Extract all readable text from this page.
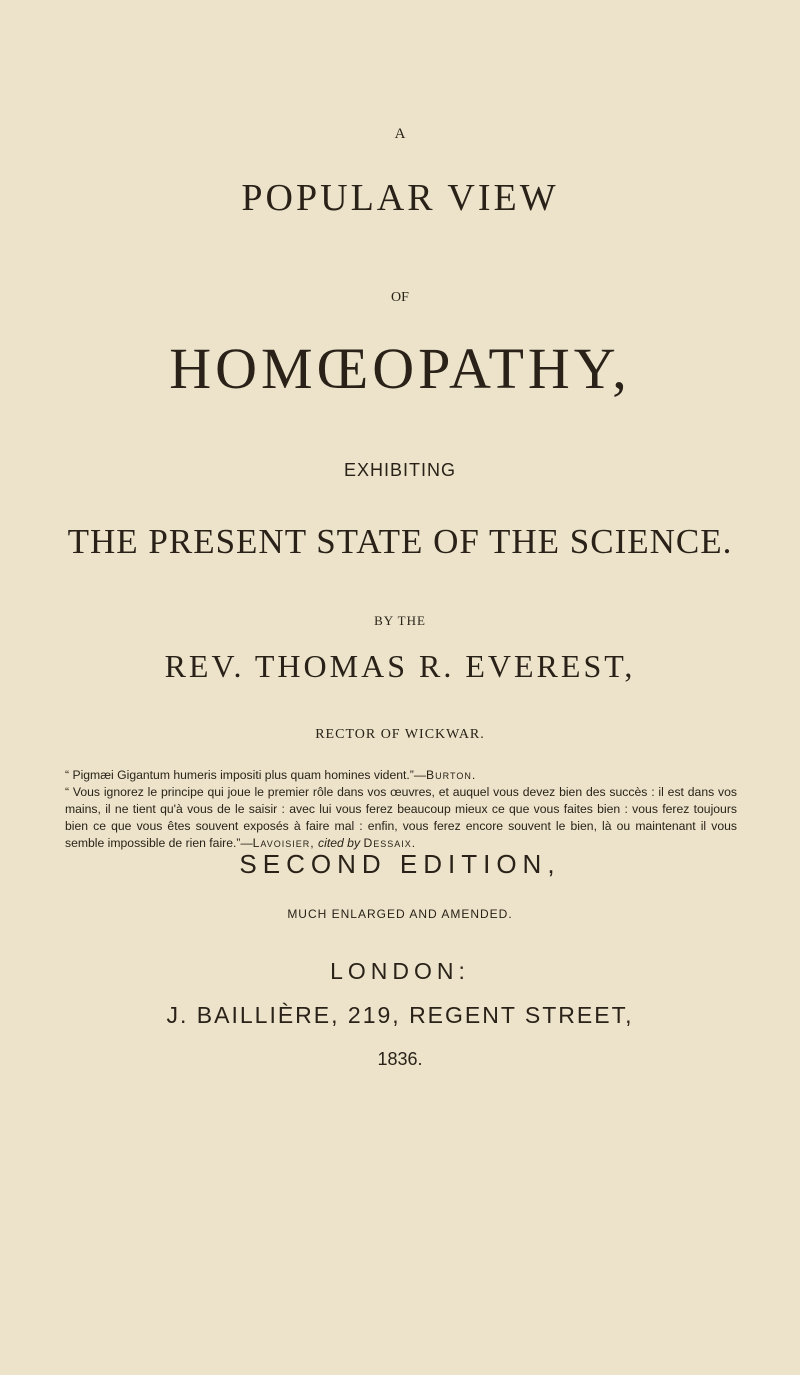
A

POPULAR VIEW

OF

HOMŒOPATHY,

EXHIBITING

THE PRESENT STATE OF THE SCIENCE.

BY THE

REV. THOMAS R. EVEREST,

RECTOR OF WICKWAR.

“ Pigmæi Gigantum humeris impositi plus quam homines vident.”—Burton.

“ Vous ignorez le principe qui joue le premier rôle dans vos œuvres, et auquel vous devez bien des succès : il est dans vos mains, il ne tient qu'à vous de le saisir : avec lui vous ferez beaucoup mieux ce que vous faites bien : vous ferez toujours bien ce que vous êtes souvent exposés à faire mal : enfin, vous ferez encore souvent le bien, là ou maintenant il vous semble impossible de rien faire.”—Lavoisier, cited by Dessaix.

SECOND EDITION,

MUCH ENLARGED AND AMENDED.

LONDON:

J. BAILLIÈRE, 219, REGENT STREET,

1836.
